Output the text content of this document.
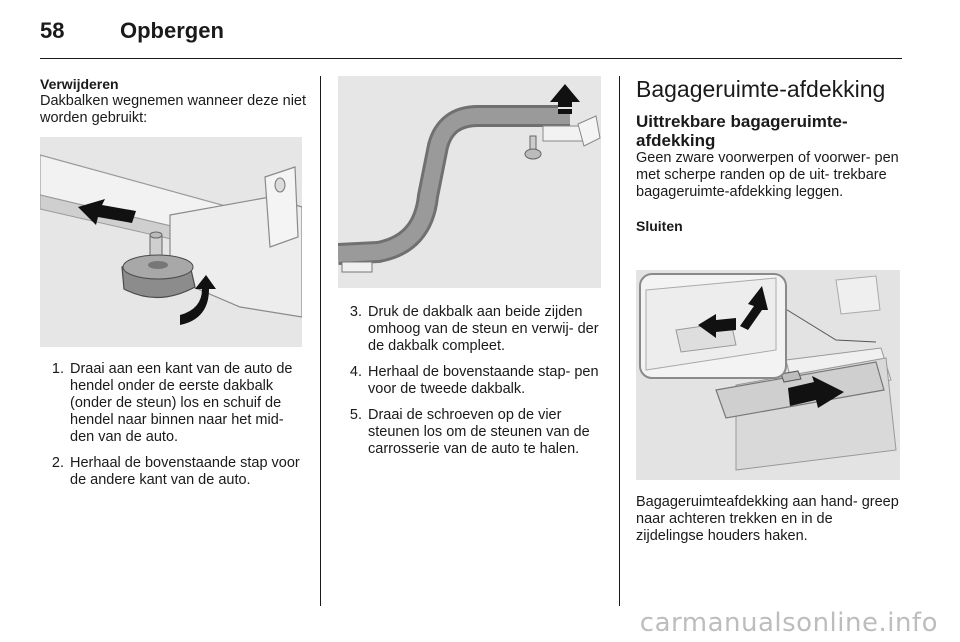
58	Opbergen

Verwijderen

Dakbalken wegnemen wanneer deze niet worden gebruikt:

1. Draai aan een kant van de auto de hendel onder de eerste dakbalk (onder de steun) los en schuif de hendel naar binnen naar het mid- den van de auto.
2. Herhaal de bovenstaande stap voor de andere kant van de auto.
3. Druk de dakbalk aan beide zijden omhoog van de steun en verwij- der de dakbalk compleet.
4. Herhaal de bovenstaande stap- pen voor de tweede dakbalk.
5. Draai de schroeven op de vier steunen los om de steunen van de carrosserie van de auto te halen.
Bagageruimte-afdekking
Uittrekbare bagageruimte- afdekking

Geen zware voorwerpen of voorwer- pen met scherpe randen op de uit- trekbare bagageruimte-afdekking leggen.

Sluiten

Bagageruimteafdekking aan hand- greep naar achteren trekken en in de zijdelingse houders haken.

carmanualsonline.info
